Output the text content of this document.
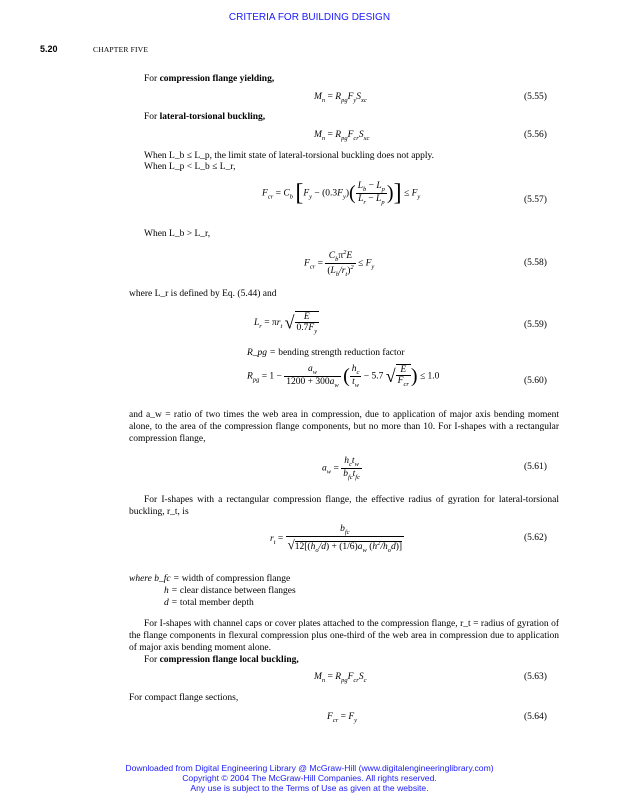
CRITERIA FOR BUILDING DESIGN
5.20	CHAPTER FIVE
For compression flange yielding,
$M_n = R_{pg}F_yS_{xc}$	(5.55)
For lateral-torsional buckling,
$M_n = R_{pg}F_{cr}S_{xc}$	(5.56)
When L_b ≤ L_p, the limit state of lateral-torsional buckling does not apply.
When L_p < L_b ≤ L_r,
$F_{cr} = C_b$ [$F_y - (0.3F_y)( \frac{L_b - L_p}{L_r - L_p}$ )] ≤ $F_y$	(5.57)
When L_b > L_r,
$F_{cr} = \frac{C_b\pi^2E}{(L_b/r_t)^2} \le F_y$	(5.58)
where L_r is defined by Eq. (5.44) and
$L_r = \pi r_t$ √ $\frac{E}{0.7F_y}$	(5.59)
R_pg = bending strength reduction factor
$R_{pg} = 1 - \frac{a_w}{1200 + 300a_w}$ ( $\frac{h_c}{t_w} - 5.7$ √ $\frac{E}{F_{cr}}$ ) ≤ 1.0	(5.60)
and a_w = ratio of two times the web area in compression, due to application of major axis bending moment alone, to the area of the compression flange components, but no more than 10. For I-shapes with a rectangular compression flange,
$a_w = \frac{h_ct_w}{b_{fc}t_{fc}}$	(5.61)
For I-shapes with a rectangular compression flange, the effective radius of gyration for lateral-torsional buckling, r_t, is
$r_t = \frac{b_{fc}}{√12[(h_o/d) + (1/6)a_w (h^2/h_od)]}$	(5.62)
where b_fc = width of compression flange
h = clear distance between flanges
d = total member depth
For I-shapes with channel caps or cover plates attached to the compression flange, r_t = radius of gyration of the flange components in flexural compression plus one-third of the web area in compression due to application of major axis bending moment alone.
For compression flange local buckling,
$M_n = R_{pg}F_{cr}S_c$	(5.63)
For compact flange sections,
$F_{cr} = F_y$	(5.64)
Downloaded from Digital Engineering Library @ McGraw-Hill (www.digitalengineeringlibrary.com)
Copyright © 2004 The McGraw-Hill Companies. All rights reserved.
Any use is subject to the Terms of Use as given at the website.
